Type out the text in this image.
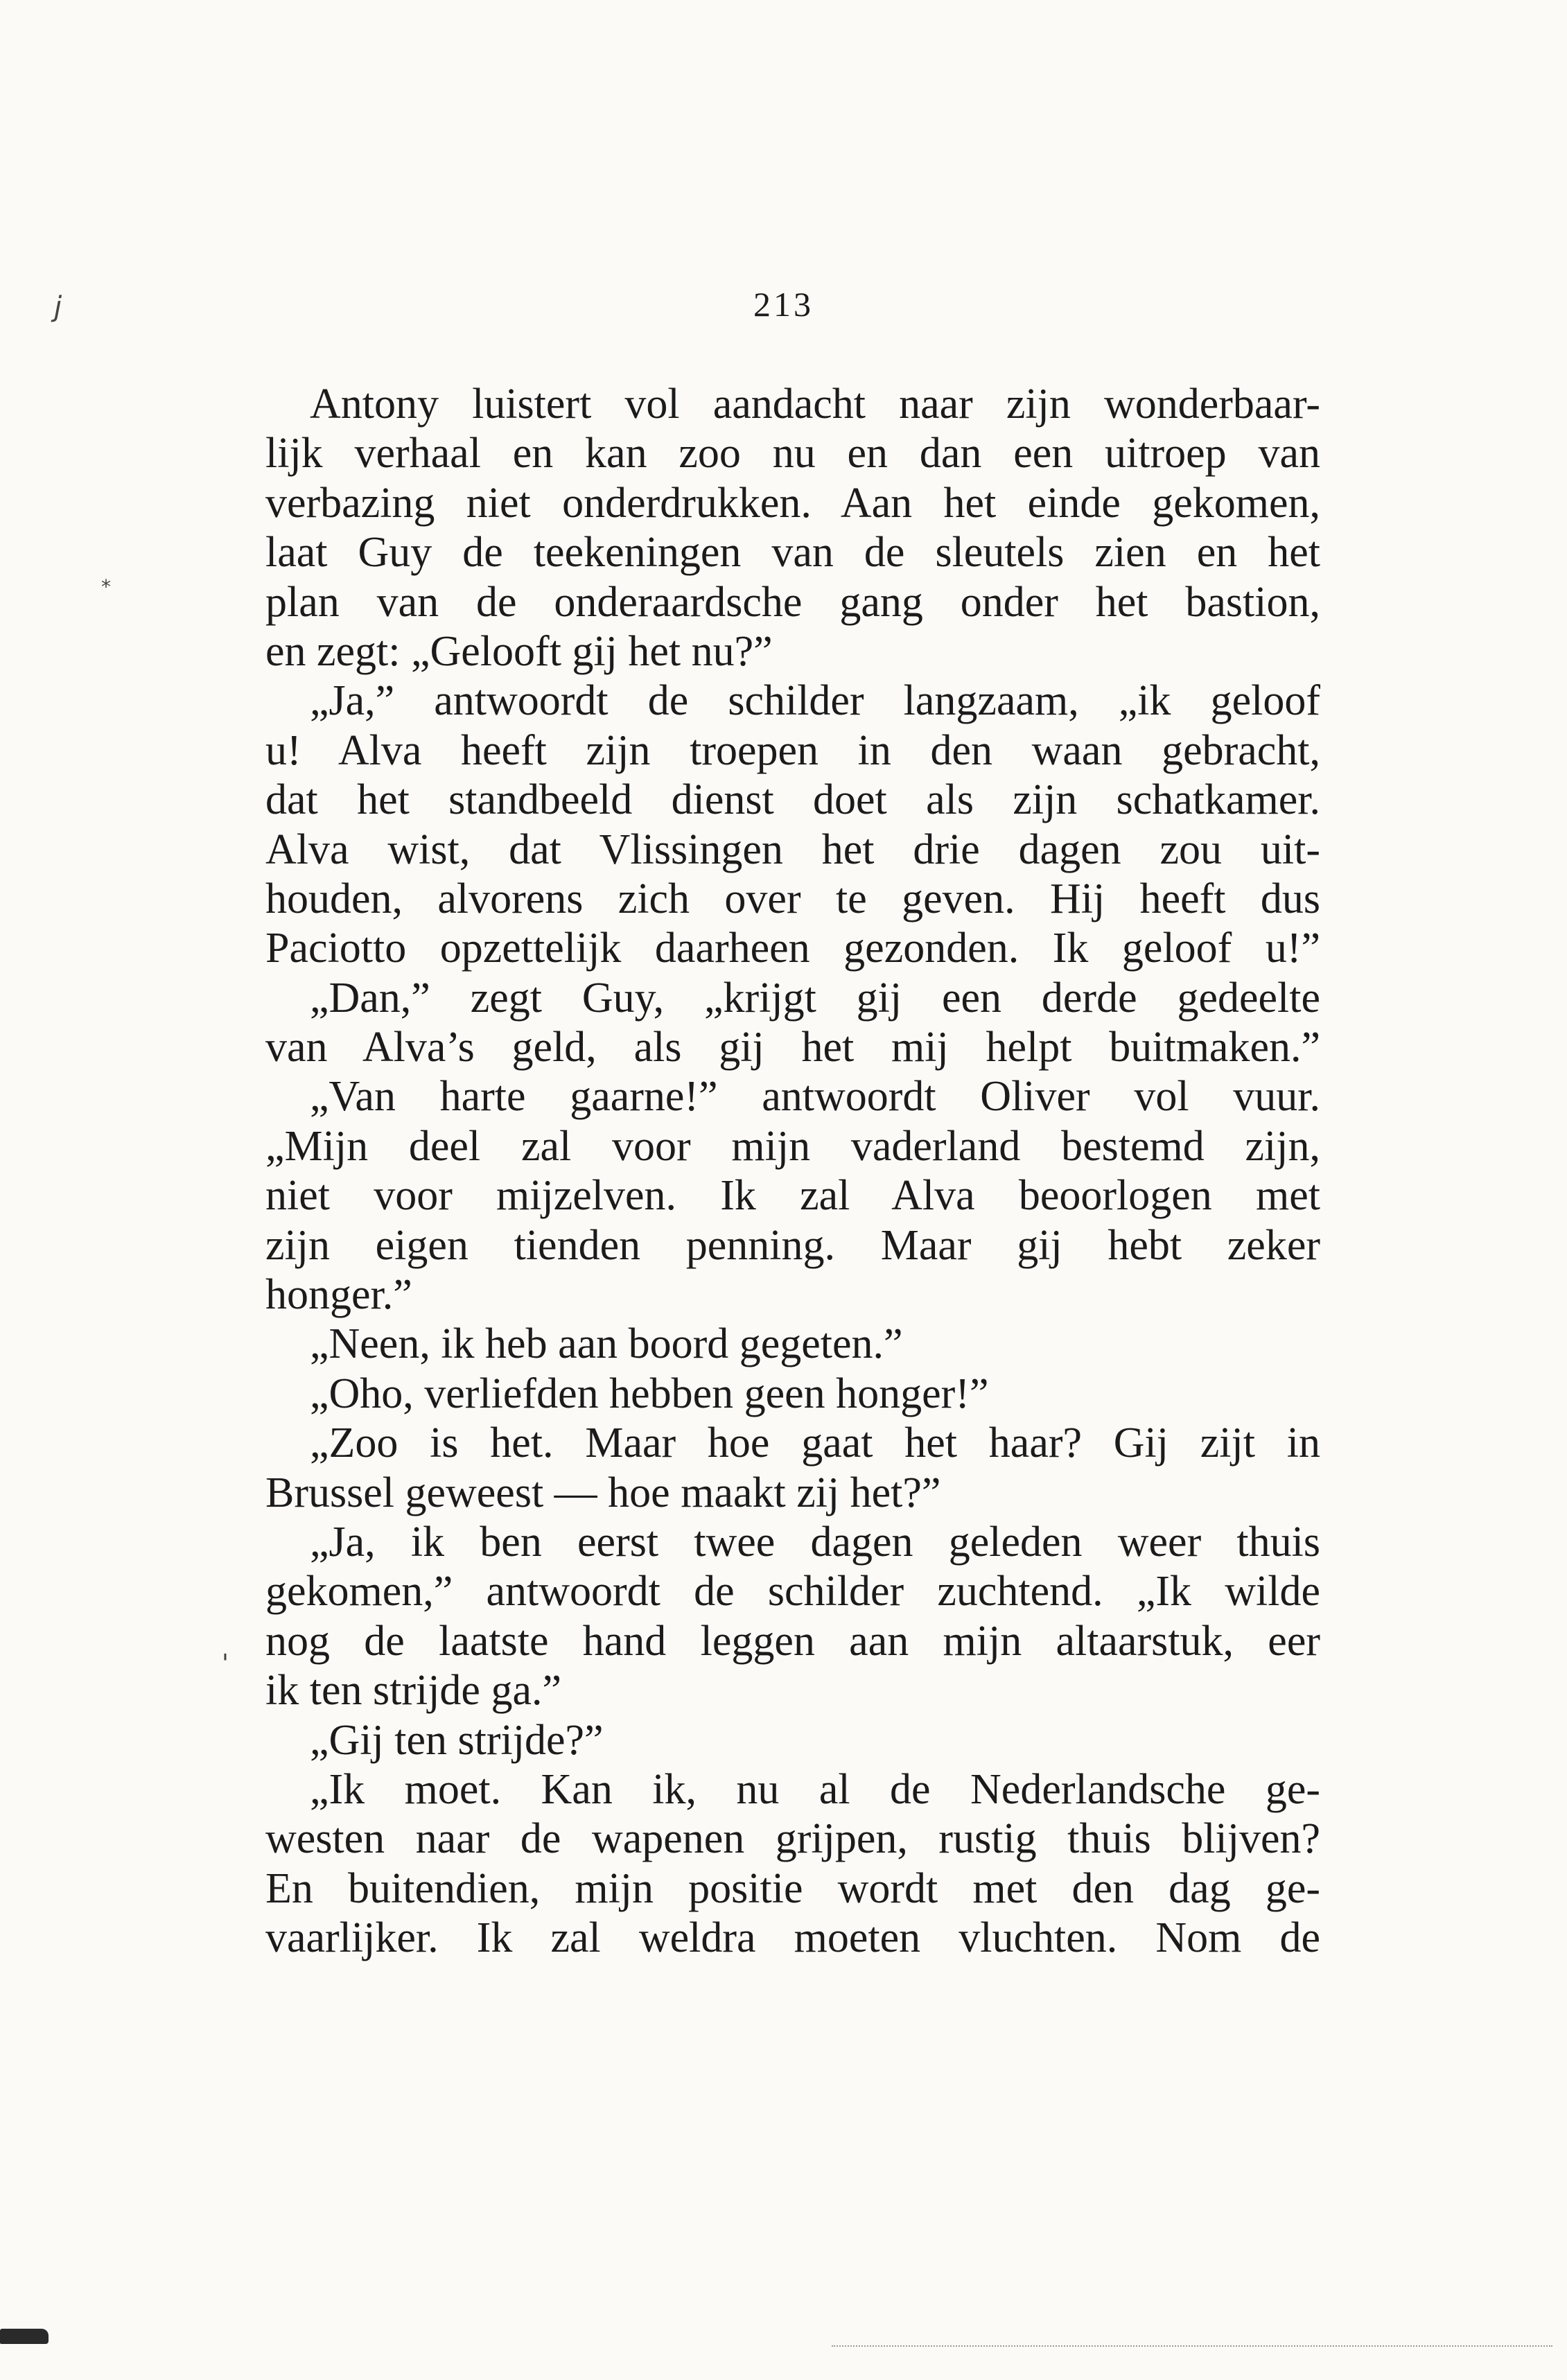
213
j
*
'
Antony luistert vol aandacht naar zijn wonderbaar-
lijk verhaal en kan zoo nu en dan een uitroep van
verbazing niet onderdrukken. Aan het einde gekomen,
laat Guy de teekeningen van de sleutels zien en het
plan van de onderaardsche gang onder het bastion,
en zegt: „Gelooft gij het nu?”
„Ja,” antwoordt de schilder langzaam, „ik geloof
u! Alva heeft zijn troepen in den waan gebracht,
dat het standbeeld dienst doet als zijn schatkamer.
Alva wist, dat Vlissingen het drie dagen zou uit-
houden, alvorens zich over te geven. Hij heeft dus
Paciotto opzettelijk daarheen gezonden. Ik geloof u!”
„Dan,” zegt Guy, „krijgt gij een derde gedeelte
van Alva’s geld, als gij het mij helpt buitmaken.”
„Van harte gaarne!” antwoordt Oliver vol vuur.
„Mijn deel zal voor mijn vaderland bestemd zijn,
niet voor mijzelven. Ik zal Alva beoorlogen met
zijn eigen tienden penning. Maar gij hebt zeker
honger.”
„Neen, ik heb aan boord gegeten.”
„Oho, verliefden hebben geen honger!”
„Zoo is het. Maar hoe gaat het haar? Gij zijt in
Brussel geweest — hoe maakt zij het?”
„Ja, ik ben eerst twee dagen geleden weer thuis
gekomen,” antwoordt de schilder zuchtend. „Ik wilde
nog de laatste hand leggen aan mijn altaarstuk, eer
ik ten strijde ga.”
„Gij ten strijde?”
„Ik moet. Kan ik, nu al de Nederlandsche ge-
westen naar de wapenen grijpen, rustig thuis blijven?
En buitendien, mijn positie wordt met den dag ge-
vaarlijker. Ik zal weldra moeten vluchten. Nom de
